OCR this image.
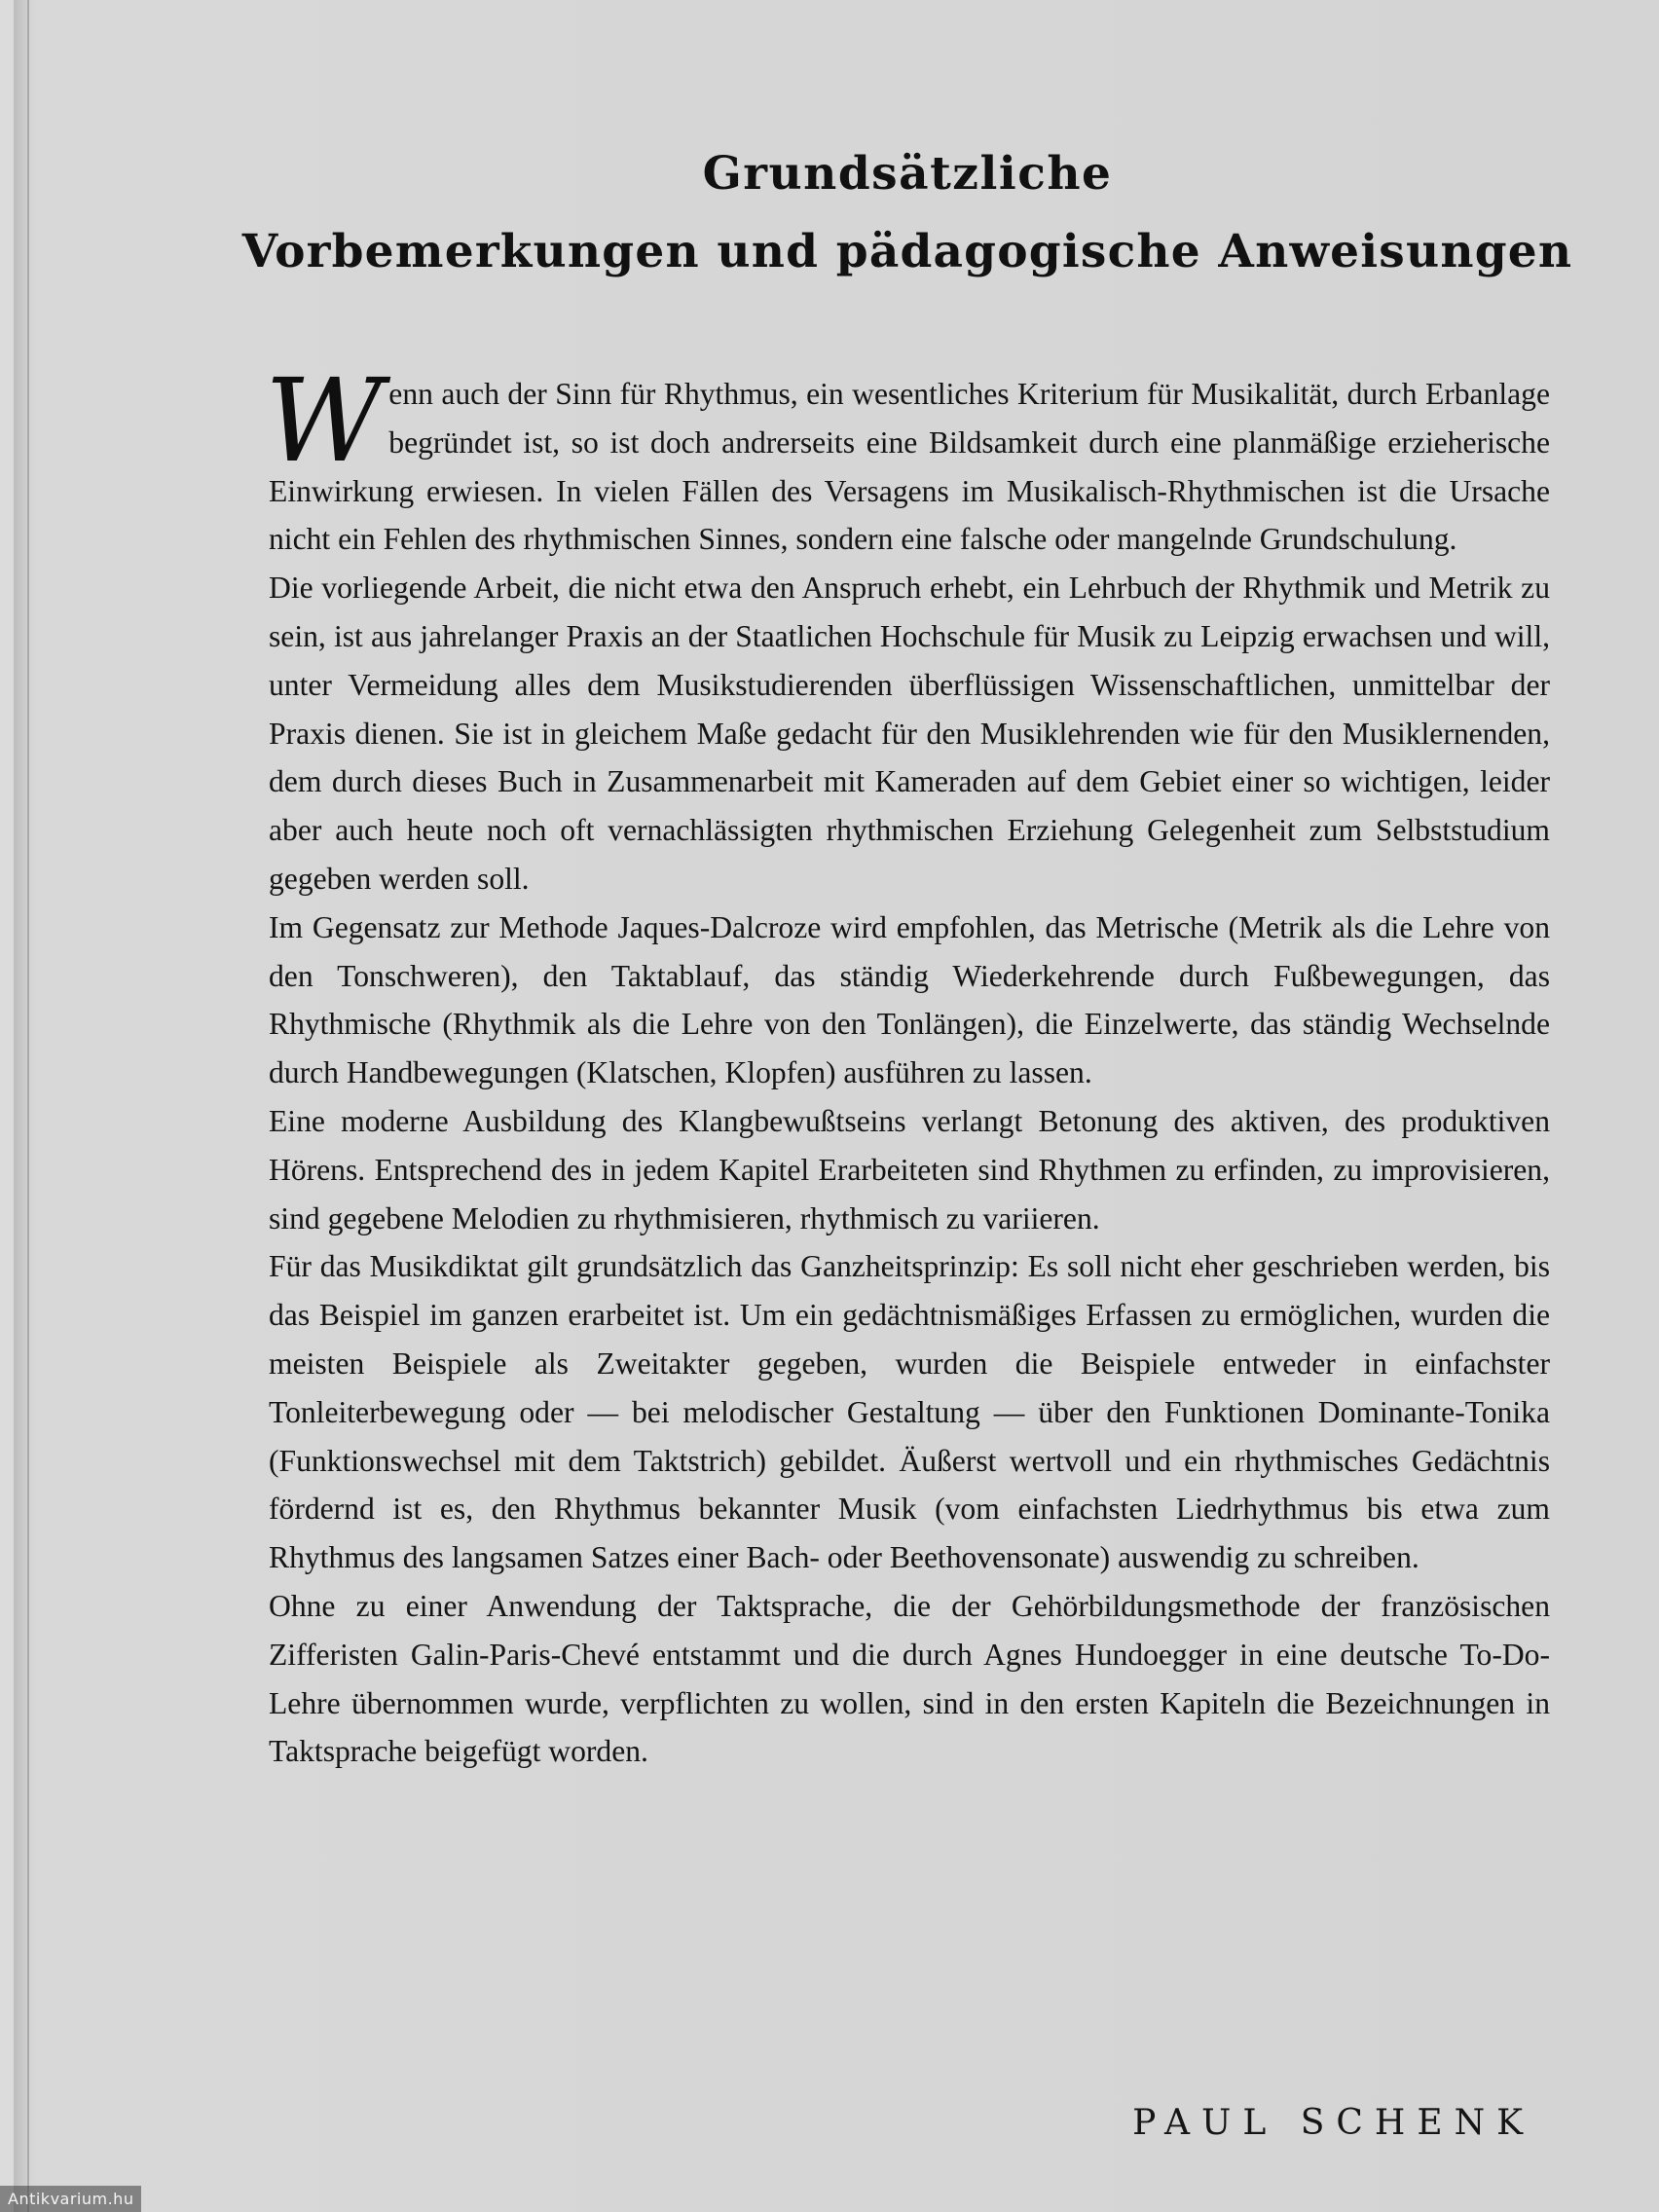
Grundsätzliche
Vorbemerkungen und pädagogische Anweisungen

Wenn auch der Sinn für Rhythmus, ein wesentliches Kriterium für Musikalität, durch Erbanlage begründet ist, so ist doch andrerseits eine Bildsamkeit durch eine planmäßige erzieherische Einwirkung erwiesen. In vielen Fällen des Versagens im Musikalisch-Rhythmischen ist die Ursache nicht ein Fehlen des rhythmischen Sinnes, sondern eine falsche oder mangelnde Grundschulung.

Die vorliegende Arbeit, die nicht etwa den Anspruch erhebt, ein Lehrbuch der Rhythmik und Metrik zu sein, ist aus jahrelanger Praxis an der Staatlichen Hochschule für Musik zu Leipzig erwachsen und will, unter Vermeidung alles dem Musikstudierenden überflüssigen Wissenschaftlichen, unmittelbar der Praxis dienen. Sie ist in gleichem Maße gedacht für den Musiklehrenden wie für den Musiklernenden, dem durch dieses Buch in Zusammenarbeit mit Kameraden auf dem Gebiet einer so wichtigen, leider aber auch heute noch oft vernachlässigten rhythmischen Erziehung Gelegenheit zum Selbststudium gegeben werden soll.

Im Gegensatz zur Methode Jaques-Dalcroze wird empfohlen, das Metrische (Metrik als die Lehre von den Tonschweren), den Taktablauf, das ständig Wiederkehrende durch Fußbewegungen, das Rhythmische (Rhythmik als die Lehre von den Tonlängen), die Einzelwerte, das ständig Wechselnde durch Handbewegungen (Klatschen, Klopfen) ausführen zu lassen.

Eine moderne Ausbildung des Klangbewußtseins verlangt Betonung des aktiven, des produktiven Hörens. Entsprechend des in jedem Kapitel Erarbeiteten sind Rhythmen zu erfinden, zu improvisieren, sind gegebene Melodien zu rhythmisieren, rhythmisch zu variieren.

Für das Musikdiktat gilt grundsätzlich das Ganzheitsprinzip: Es soll nicht eher geschrieben werden, bis das Beispiel im ganzen erarbeitet ist. Um ein gedächtnismäßiges Erfassen zu ermöglichen, wurden die meisten Beispiele als Zweitakter gegeben, wurden die Beispiele entweder in einfachster Tonleiterbewegung oder — bei melodischer Gestaltung — über den Funktionen Dominante-Tonika (Funktionswechsel mit dem Taktstrich) gebildet. Äußerst wertvoll und ein rhythmisches Gedächtnis fördernd ist es, den Rhythmus bekannter Musik (vom einfachsten Liedrhythmus bis etwa zum Rhythmus des langsamen Satzes einer Bach- oder Beethovensonate) auswendig zu schreiben.

Ohne zu einer Anwendung der Taktsprache, die der Gehörbildungsmethode der französischen Zifferisten Galin-Paris-Chevé entstammt und die durch Agnes Hundoegger in eine deutsche To-Do-Lehre übernommen wurde, verpflichten zu wollen, sind in den ersten Kapiteln die Bezeichnungen in Taktsprache beigefügt worden.

PAUL SCHENK
Antikvarium.hu
